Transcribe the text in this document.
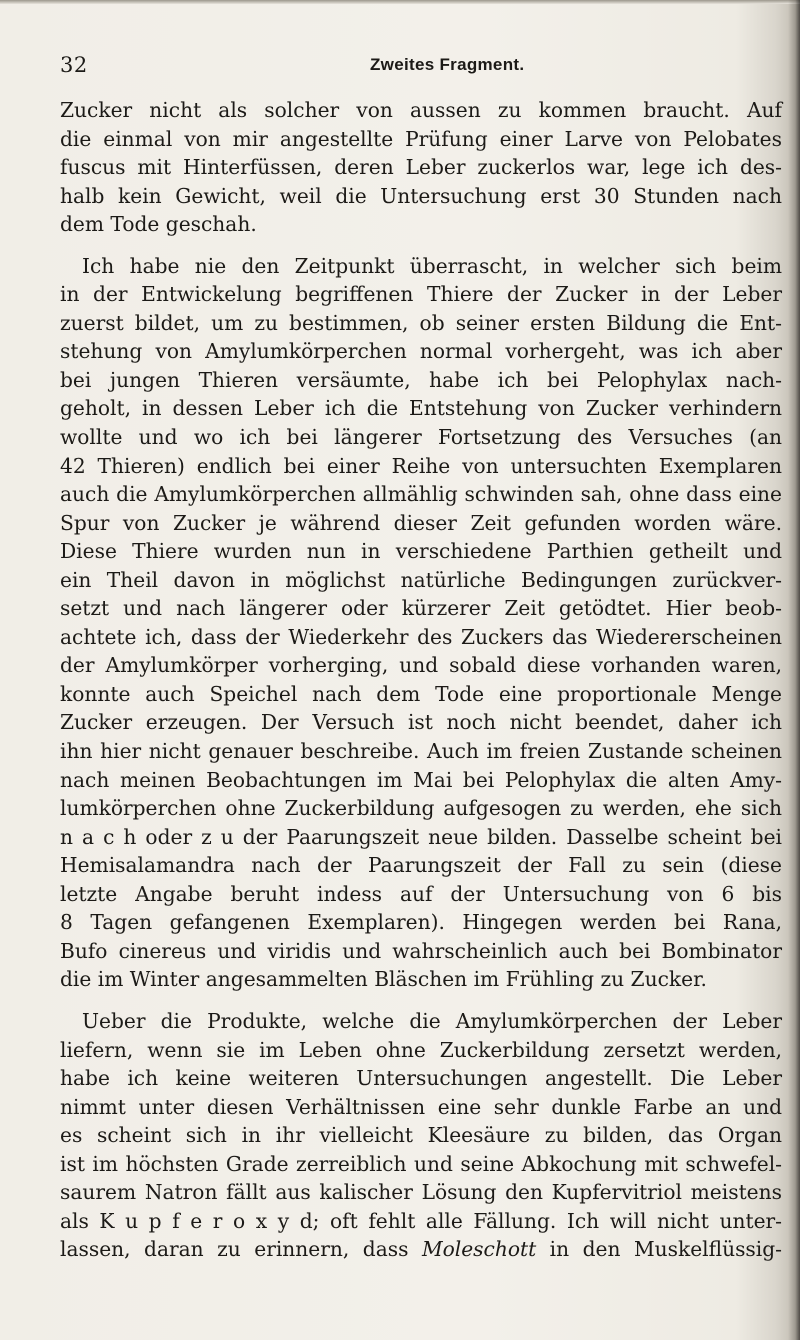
32	Zweites Fragment.
Zucker nicht als solcher von aussen zu kommen braucht. Auf
die einmal von mir angestellte Prüfung einer Larve von Pelobates
fuscus mit Hinterfüssen, deren Leber zuckerlos war, lege ich des-
halb kein Gewicht, weil die Untersuchung erst 30 Stunden nach
dem Tode geschah.
Ich habe nie den Zeitpunkt überrascht, in welcher sich beim
in der Entwickelung begriffenen Thiere der Zucker in der Leber
zuerst bildet, um zu bestimmen, ob seiner ersten Bildung die Ent-
stehung von Amylumkörperchen normal vorhergeht, was ich aber
bei jungen Thieren versäumte, habe ich bei Pelophylax nach-
geholt, in dessen Leber ich die Entstehung von Zucker verhindern
wollte und wo ich bei längerer Fortsetzung des Versuches (an
42 Thieren) endlich bei einer Reihe von untersuchten Exemplaren
auch die Amylumkörperchen allmählig schwinden sah, ohne dass eine
Spur von Zucker je während dieser Zeit gefunden worden wäre.
Diese Thiere wurden nun in verschiedene Parthien getheilt und
ein Theil davon in möglichst natürliche Bedingungen zurückver-
setzt und nach längerer oder kürzerer Zeit getödtet. Hier beob-
achtete ich, dass der Wiederkehr des Zuckers das Wiedererscheinen
der Amylumkörper vorherging, und sobald diese vorhanden waren,
konnte auch Speichel nach dem Tode eine proportionale Menge
Zucker erzeugen. Der Versuch ist noch nicht beendet, daher ich
ihn hier nicht genauer beschreibe. Auch im freien Zustande scheinen
nach meinen Beobachtungen im Mai bei Pelophylax die alten Amy-
lumkörperchen ohne Zuckerbildung aufgesogen zu werden, ehe sich
n a c h oder z u der Paarungszeit neue bilden. Dasselbe scheint bei
Hemisalamandra nach der Paarungszeit der Fall zu sein (diese
letzte Angabe beruht indess auf der Untersuchung von 6 bis
8 Tagen gefangenen Exemplaren). Hingegen werden bei Rana,
Bufo cinereus und viridis und wahrscheinlich auch bei Bombinator
die im Winter angesammelten Bläschen im Frühling zu Zucker.
Ueber die Produkte, welche die Amylumkörperchen der Leber
liefern, wenn sie im Leben ohne Zuckerbildung zersetzt werden,
habe ich keine weiteren Untersuchungen angestellt. Die Leber
nimmt unter diesen Verhältnissen eine sehr dunkle Farbe an und
es scheint sich in ihr vielleicht Kleesäure zu bilden, das Organ
ist im höchsten Grade zerreiblich und seine Abkochung mit schwefel-
saurem Natron fällt aus kalischer Lösung den Kupfervitriol meistens
als K u p f e r o x y d; oft fehlt alle Fällung. Ich will nicht unter-
lassen, daran zu erinnern, dass Moleschott in den Muskelflüssig-
